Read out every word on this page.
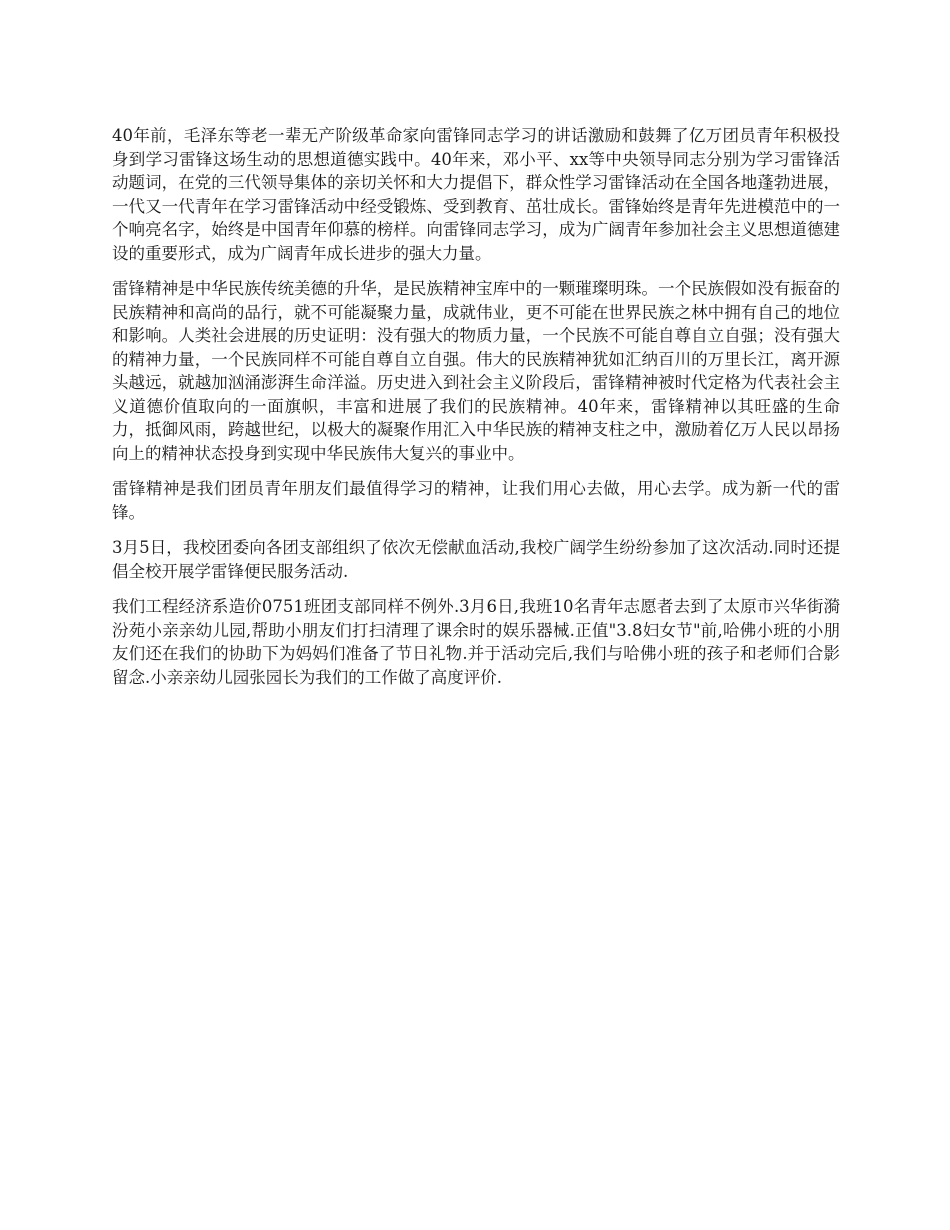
40年前，毛泽东等老一辈无产阶级革命家向雷锋同志学习的讲话激励和鼓舞了亿万团员青年积极投身到学习雷锋这场生动的思想道德实践中。40年来，邓小平、xx等中央领导同志分别为学习雷锋活动题词，在党的三代领导集体的亲切关怀和大力提倡下，群众性学习雷锋活动在全国各地蓬勃进展，一代又一代青年在学习雷锋活动中经受锻炼、受到教育、茁壮成长。雷锋始终是青年先进模范中的一个响亮名字，始终是中国青年仰慕的榜样。向雷锋同志学习，成为广阔青年参加社会主义思想道德建设的重要形式，成为广阔青年成长进步的强大力量。

雷锋精神是中华民族传统美德的升华，是民族精神宝库中的一颗璀璨明珠。一个民族假如没有振奋的民族精神和高尚的品行，就不可能凝聚力量，成就伟业，更不可能在世界民族之林中拥有自己的地位和影响。人类社会进展的历史证明：没有强大的物质力量，一个民族不可能自尊自立自强；没有强大的精神力量，一个民族同样不可能自尊自立自强。伟大的民族精神犹如汇纳百川的万里长江，离开源头越远，就越加汹涌澎湃生命洋溢。历史进入到社会主义阶段后，雷锋精神被时代定格为代表社会主义道德价值取向的一面旗帜，丰富和进展了我们的民族精神。40年来，雷锋精神以其旺盛的生命力，抵御风雨，跨越世纪，以极大的凝聚作用汇入中华民族的精神支柱之中，激励着亿万人民以昂扬向上的精神状态投身到实现中华民族伟大复兴的事业中。

雷锋精神是我们团员青年朋友们最值得学习的精神，让我们用心去做，用心去学。成为新一代的雷锋。

3月5日，我校团委向各团支部组织了依次无偿献血活动,我校广阔学生纷纷参加了这次活动.同时还提倡全校开展学雷锋便民服务活动.

我们工程经济系造价0751班团支部同样不例外.3月6日,我班10名青年志愿者去到了太原市兴华街漪汾苑小亲亲幼儿园,帮助小朋友们打扫清理了课余时的娱乐器械.正值"3.8妇女节"前,哈佛小班的小朋友们还在我们的协助下为妈妈们准备了节日礼物.并于活动完后,我们与哈佛小班的孩子和老师们合影留念.小亲亲幼儿园张园长为我们的工作做了高度评价.
